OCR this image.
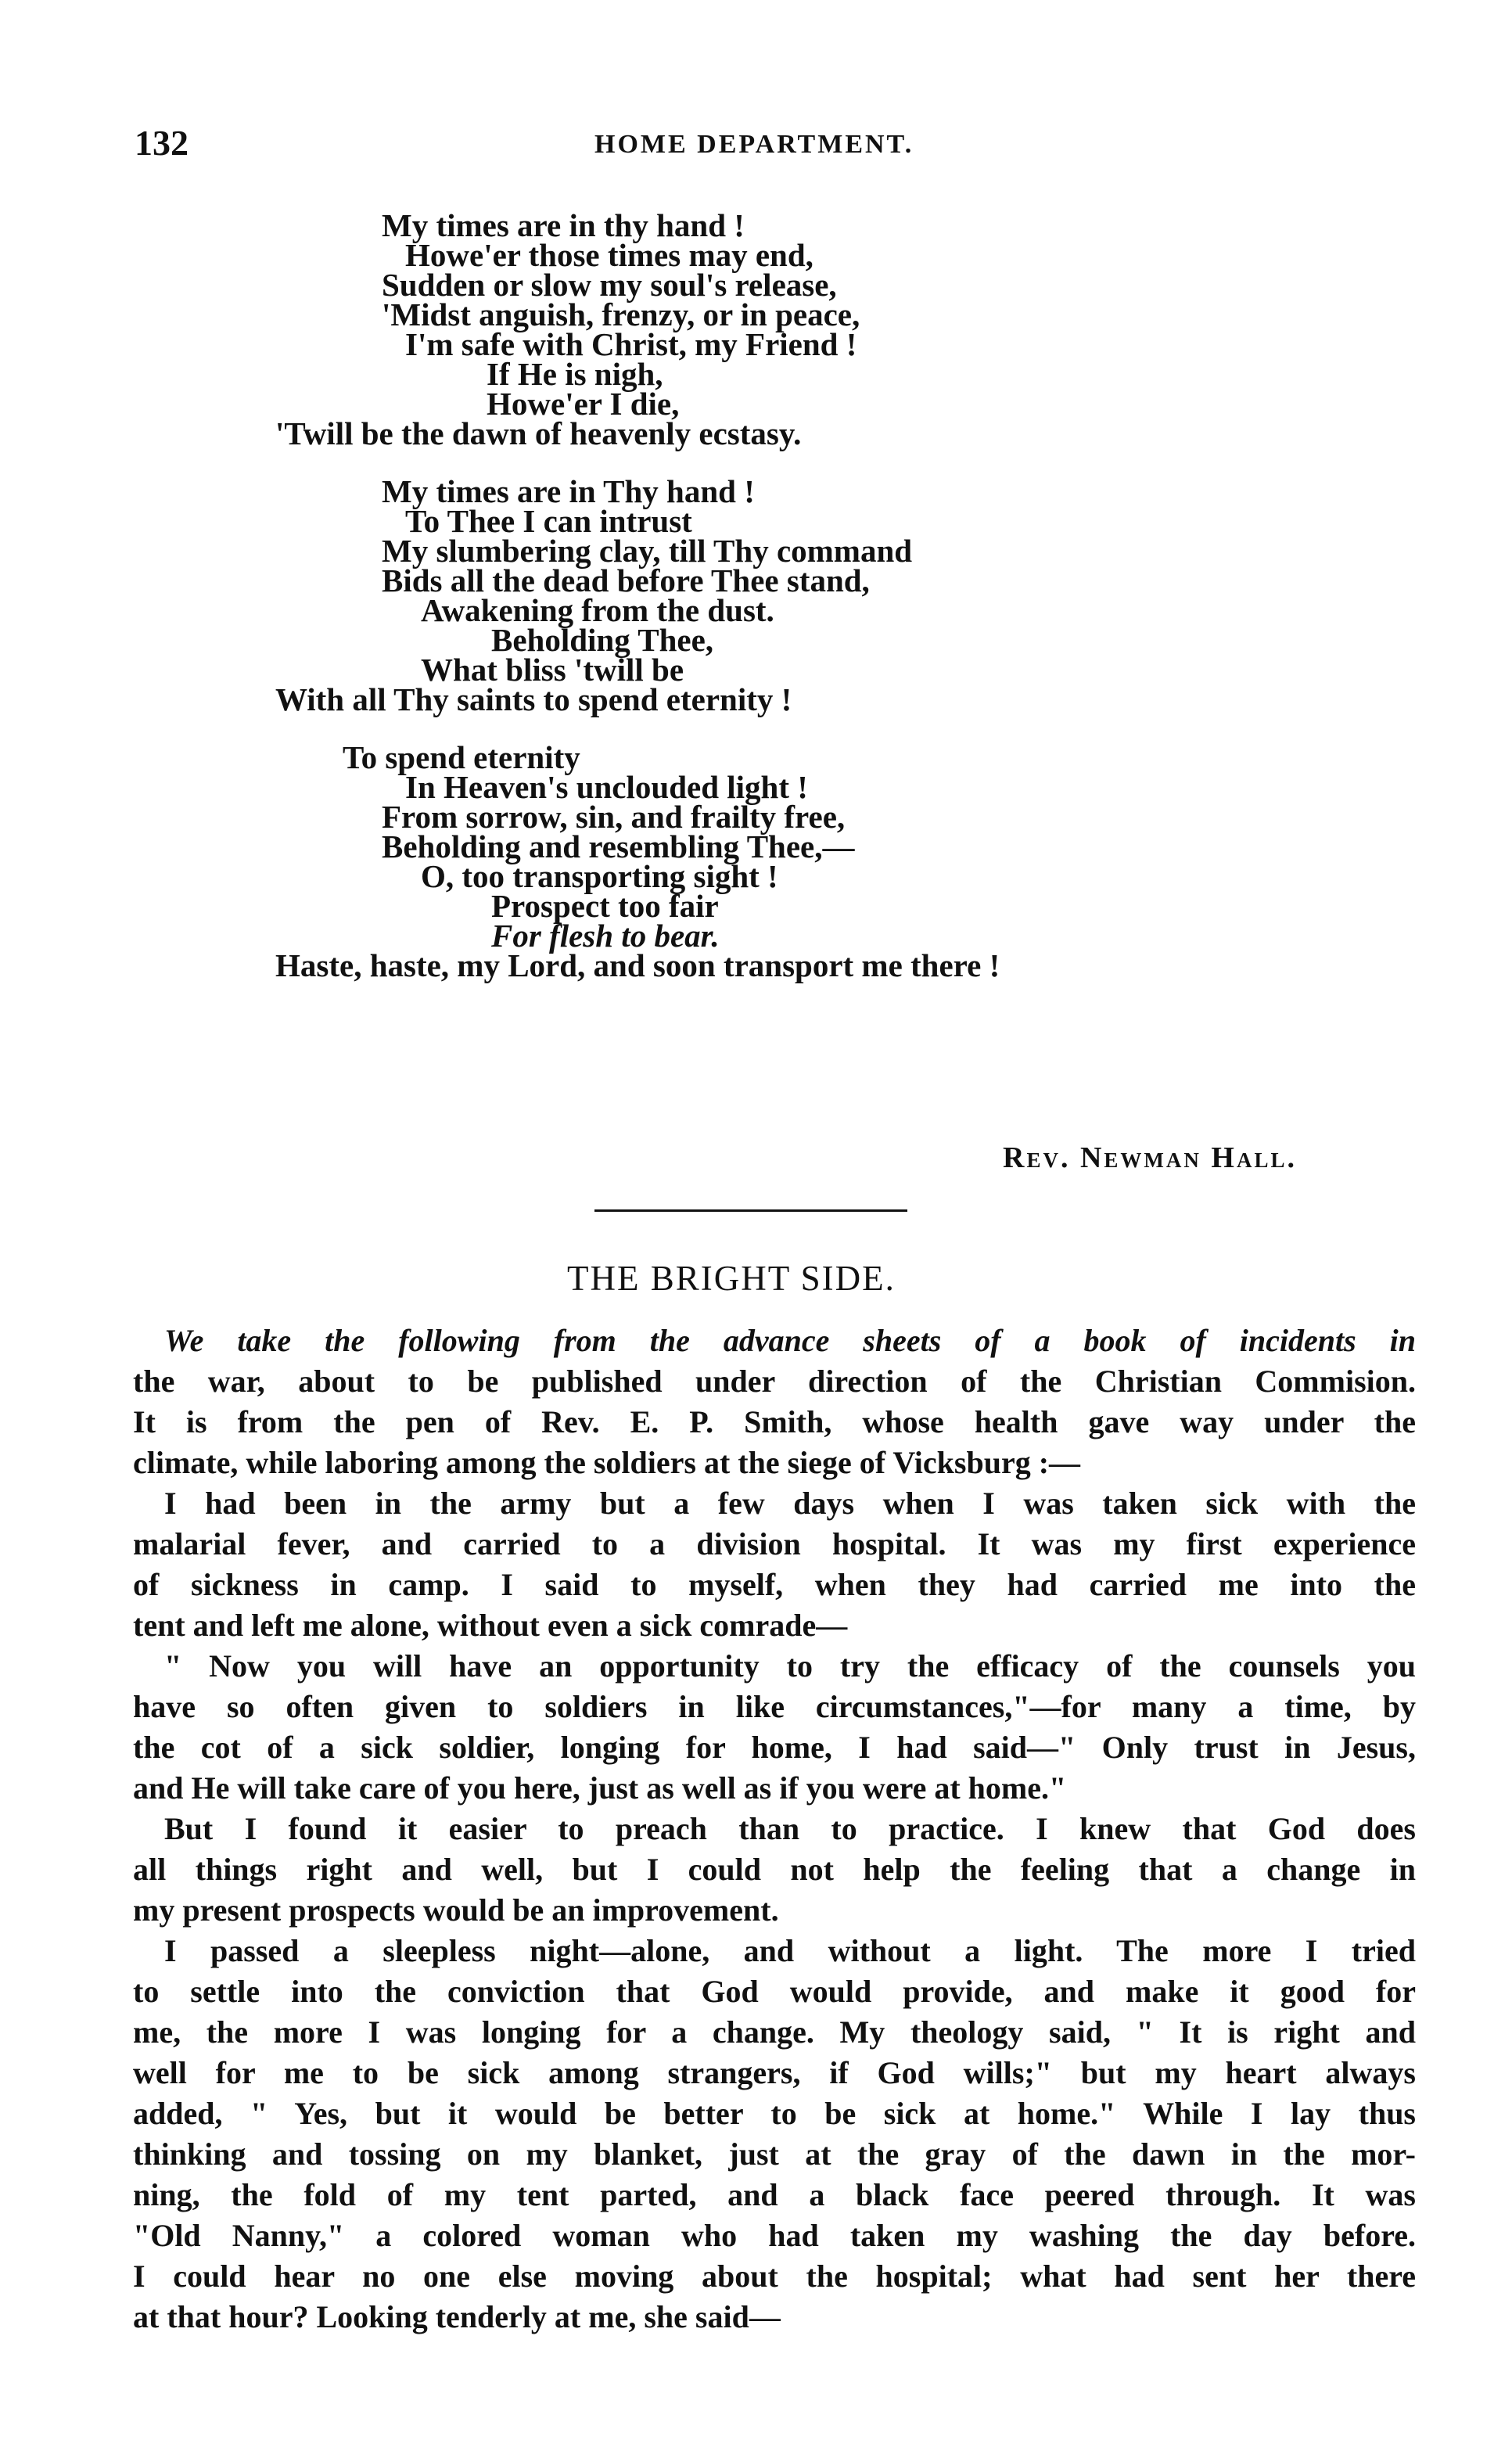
132	HOME DEPARTMENT.
My times are in thy hand !
Howe'er those times may end,
Sudden or slow my soul's release,
'Midst anguish, frenzy, or in peace,
I'm safe with Christ, my Friend !
If He is nigh,
Howe'er I die,
'Twill be the dawn of heavenly ecstasy.
My times are in Thy hand !
To Thee I can intrust
My slumbering clay, till Thy command
Bids all the dead before Thee stand,
Awakening from the dust.
Beholding Thee,
What bliss 'twill be
With all Thy saints to spend eternity !
To spend eternity
In Heaven's unclouded light !
From sorrow, sin, and frailty free,
Beholding and resembling Thee,—
O, too transporting sight !
Prospect too fair
For flesh to bear.
Haste, haste, my Lord, and soon transport me there !
Rev. Newman Hall.
THE BRIGHT SIDE.
We take the following from the advance sheets of a book of incidents in
the war, about to be published under direction of the Christian Commision.
It is from the pen of Rev. E. P. Smith, whose health gave way under the
climate, while laboring among the soldiers at the siege of Vicksburg :—
I had been in the army but a few days when I was taken sick with the
malarial fever, and carried to a division hospital. It was my first experience
of sickness in camp. I said to myself, when they had carried me into the
tent and left me alone, without even a sick comrade—
" Now you will have an opportunity to try the efficacy of the counsels you
have so often given to soldiers in like circumstances,"—for many a time, by
the cot of a sick soldier, longing for home, I had said—" Only trust in Jesus,
and He will take care of you here, just as well as if you were at home."
But I found it easier to preach than to practice. I knew that God does
all things right and well, but I could not help the feeling that a change in
my present prospects would be an improvement.
I passed a sleepless night—alone, and without a light. The more I tried
to settle into the conviction that God would provide, and make it good for
me, the more I was longing for a change. My theology said, " It is right and
well for me to be sick among strangers, if God wills;" but my heart always
added, " Yes, but it would be better to be sick at home." While I lay thus
thinking and tossing on my blanket, just at the gray of the dawn in the mor-
ning, the fold of my tent parted, and a black face peered through. It was
"Old Nanny," a colored woman who had taken my washing the day before.
I could hear no one else moving about the hospital; what had sent her there
at that hour? Looking tenderly at me, she said—
